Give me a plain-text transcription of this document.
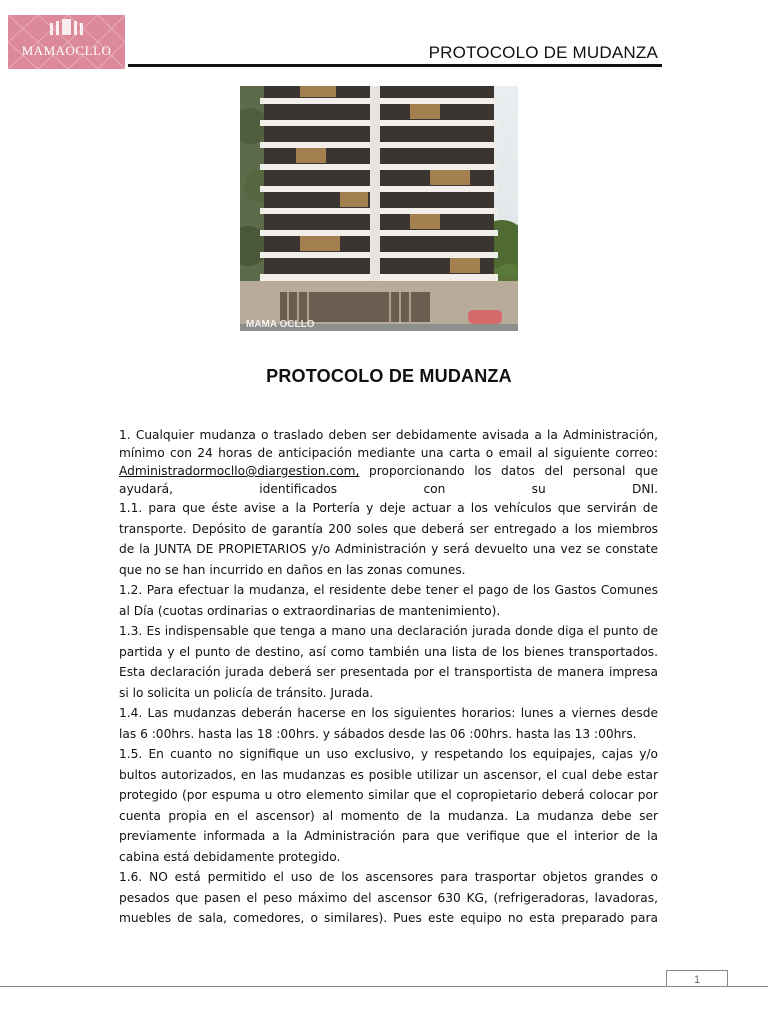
MAMAOCLLO	PROTOCOLO DE MUDANZA
MAMA OCLLO
PROTOCOLO DE MUDANZA
1. Cualquier mudanza o traslado deben ser debidamente avisada a la Administración, mínimo con 24 horas de anticipación mediante una carta o email al siguiente correo: Administradormocllo@diargestion.com, proporcionando los datos del personal que ayudará, identificados con su DNI.

1.1. para que éste avise a la Portería y deje actuar a los vehículos que servirán de transporte. Depósito de garantía 200 soles que deberá ser entregado a los miembros de la JUNTA DE PROPIETARIOS y/o Administración y será devuelto una vez se constate que no se han incurrido en daños en las zonas comunes.

1.2. Para efectuar la mudanza, el residente debe tener el pago de los Gastos Comunes al Día (cuotas ordinarias o extraordinarias de mantenimiento).

1.3. Es indispensable que tenga a mano una declaración jurada donde diga el punto de partida y el punto de destino, así como también una lista de los bienes transportados. Esta declaración jurada deberá ser presentada por el transportista de manera impresa si lo solicita un policía de tránsito. Jurada.

1.4. Las mudanzas deberán hacerse en los siguientes horarios: lunes a viernes desde las 6 :00hrs. hasta las 18 :00hrs. y sábados desde las 06 :00hrs. hasta las 13 :00hrs.

1.5. En cuanto no signifique un uso exclusivo, y respetando los equipajes, cajas y/o bultos autorizados, en las mudanzas es posible utilizar un ascensor, el cual debe estar protegido (por espuma u otro elemento similar que el copropietario deberá colocar por cuenta propia en el ascensor) al momento de la mudanza. La mudanza debe ser previamente informada a la Administración para que verifique que el interior de la cabina está debidamente protegido.

1.6. NO está permitido el uso de los ascensores para trasportar objetos grandes o pesados que pasen el peso máximo del ascensor 630 KG, (refrigeradoras, lavadoras, muebles de sala, comedores, o similares). Pues este equipo no esta preparado para

1
